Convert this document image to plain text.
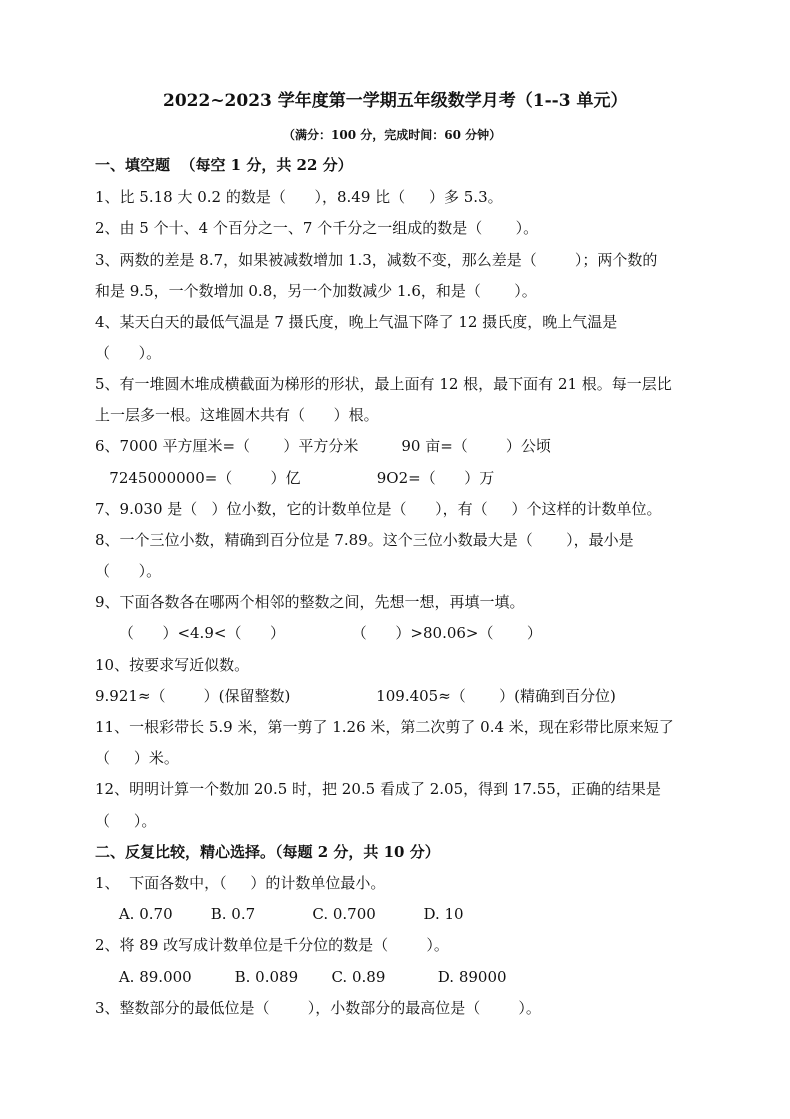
2022~2023 学年度第一学期五年级数学月考（1--3 单元）
（满分：100 分，完成时间：60 分钟）
一、填空题  （每空 1 分，共 22 分）
1、比 5.18 大 0.2 的数是（      ），8.49 比（     ）多 5.3。
2、由 5 个十、4 个百分之一、7 个千分之一组成的数是（       ）。
3、两数的差是 8.7，如果被减数增加 1.3，减数不变，那么差是（        ）；两个数的
和是 9.5，一个数增加 0.8，另一个加数减少 1.6，和是（       ）。
4、某天白天的最低气温是 7 摄氏度，晚上气温下降了 12 摄氏度，晚上气温是
（      ）。
5、有一堆圆木堆成横截面为梯形的形状，最上面有 12 根，最下面有 21 根。每一层比
上一层多一根。这堆圆木共有（      ）根。
6、7000 平方厘米=（       ）平方分米         90 亩=（        ）公顷
7245000000=（        ）亿                9O2=（      ）万
7、9.030 是（   ）位小数，它的计数单位是（      ），有（     ）个这样的计数单位。
8、一个三位小数，精确到百分位是 7.89。这个三位小数最大是（       ），最小是
（      ）。
9、下面各数各在哪两个相邻的整数之间，先想一想，再填一填。
（      ）<4.9<（      ）              （      ）>80.06>（       ）
10、按要求写近似数。
9.921≈（        ）(保留整数)                  109.405≈（       ）(精确到百分位)
11、一根彩带长 5.9 米，第一剪了 1.26 米，第二次剪了 0.4 米，现在彩带比原来短了
（     ）米。
12、明明计算一个数加 20.5 时，把 20.5 看成了 2.05，得到 17.55，正确的结果是
（     ）。
二、反复比较，精心选择。（每题 2 分，共 10 分）
1、  下面各数中，（     ）的计数单位最小。
A. 0.70        B. 0.7            C. 0.700          D. 10
2、将 89 改写成计数单位是千分位的数是（        ）。
A. 89.000         B. 0.089       C. 0.89           D. 89000
3、整数部分的最低位是（        ），小数部分的最高位是（        ）。
